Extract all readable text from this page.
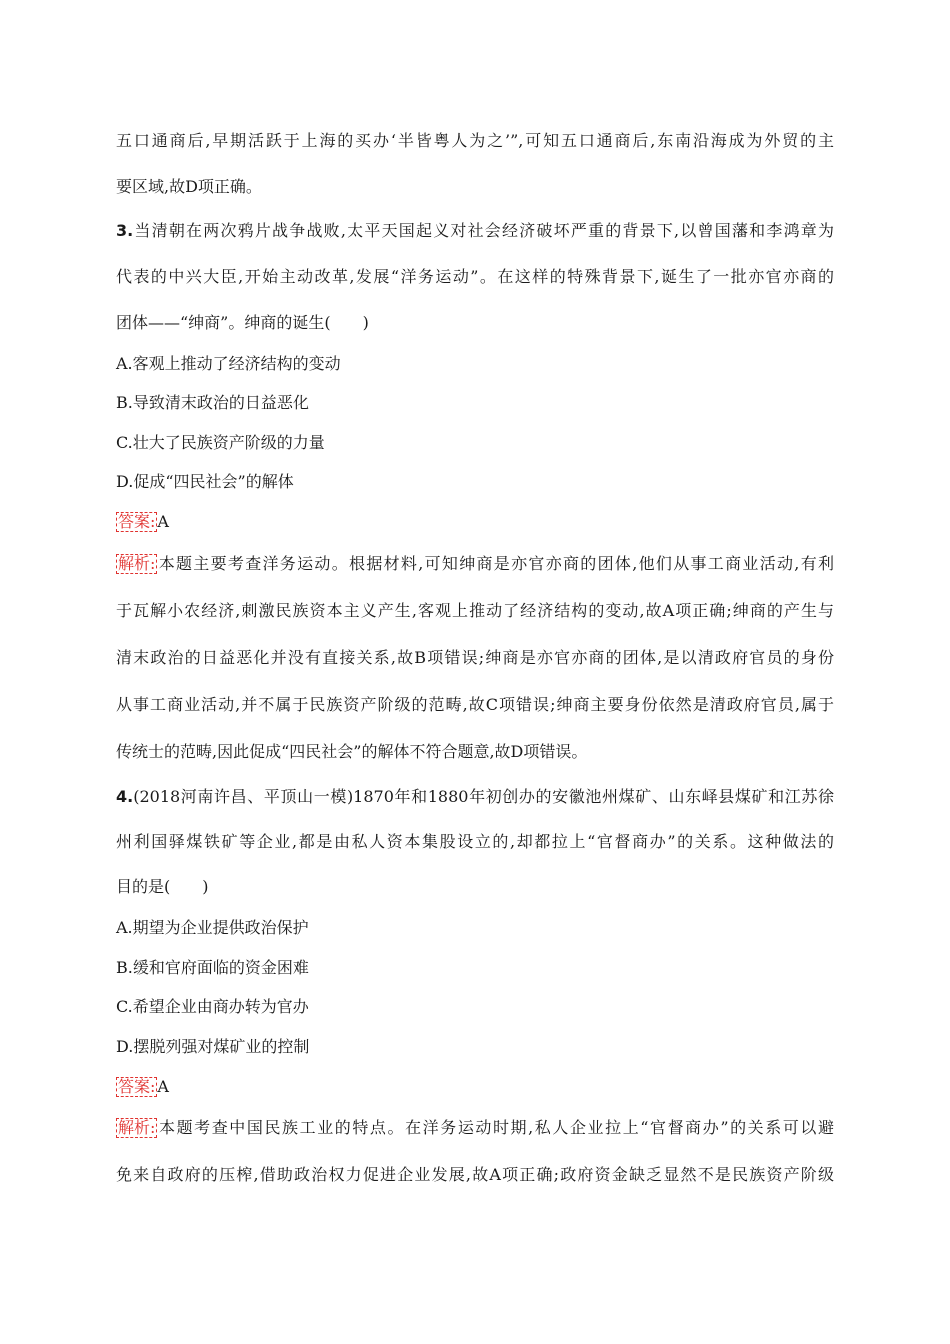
五口通商后,早期活跃于上海的买办‘半皆粤人为之’”,可知五口通商后,东南沿海成为外贸的主
要区域,故D项正确。
3.当清朝在两次鸦片战争战败,太平天国起义对社会经济破坏严重的背景下,以曾国藩和李鸿章为
代表的中兴大臣,开始主动改革,发展“洋务运动”。在这样的特殊背景下,诞生了一批亦官亦商的
团体——“绅商”。绅商的诞生(　　)
A.客观上推动了经济结构的变动
B.导致清末政治的日益恶化
C.壮大了民族资产阶级的力量
D.促成“四民社会”的解体
答案: A
解析: 本题主要考查洋务运动。根据材料,可知绅商是亦官亦商的团体,他们从事工商业活动,有利
于瓦解小农经济,刺激民族资本主义产生,客观上推动了经济结构的变动,故A项正确;绅商的产生与
清末政治的日益恶化并没有直接关系,故B项错误;绅商是亦官亦商的团体,是以清政府官员的身份
从事工商业活动,并不属于民族资产阶级的范畴,故C项错误;绅商主要身份依然是清政府官员,属于
传统士的范畴,因此促成“四民社会”的解体不符合题意,故D项错误。
4.(2018河南许昌、平顶山一模)1870年和1880年初创办的安徽池州煤矿、山东峄县煤矿和江苏徐
州利国驿煤铁矿等企业,都是由私人资本集股设立的,却都拉上“官督商办”的关系。这种做法的
目的是(　　)
A.期望为企业提供政治保护
B.缓和官府面临的资金困难
C.希望企业由商办转为官办
D.摆脱列强对煤矿业的控制
答案: A
解析: 本题考查中国民族工业的特点。在洋务运动时期,私人企业拉上“官督商办”的关系可以避
免来自政府的压榨,借助政治权力促进企业发展,故A项正确;政府资金缺乏显然不是民族资产阶级
